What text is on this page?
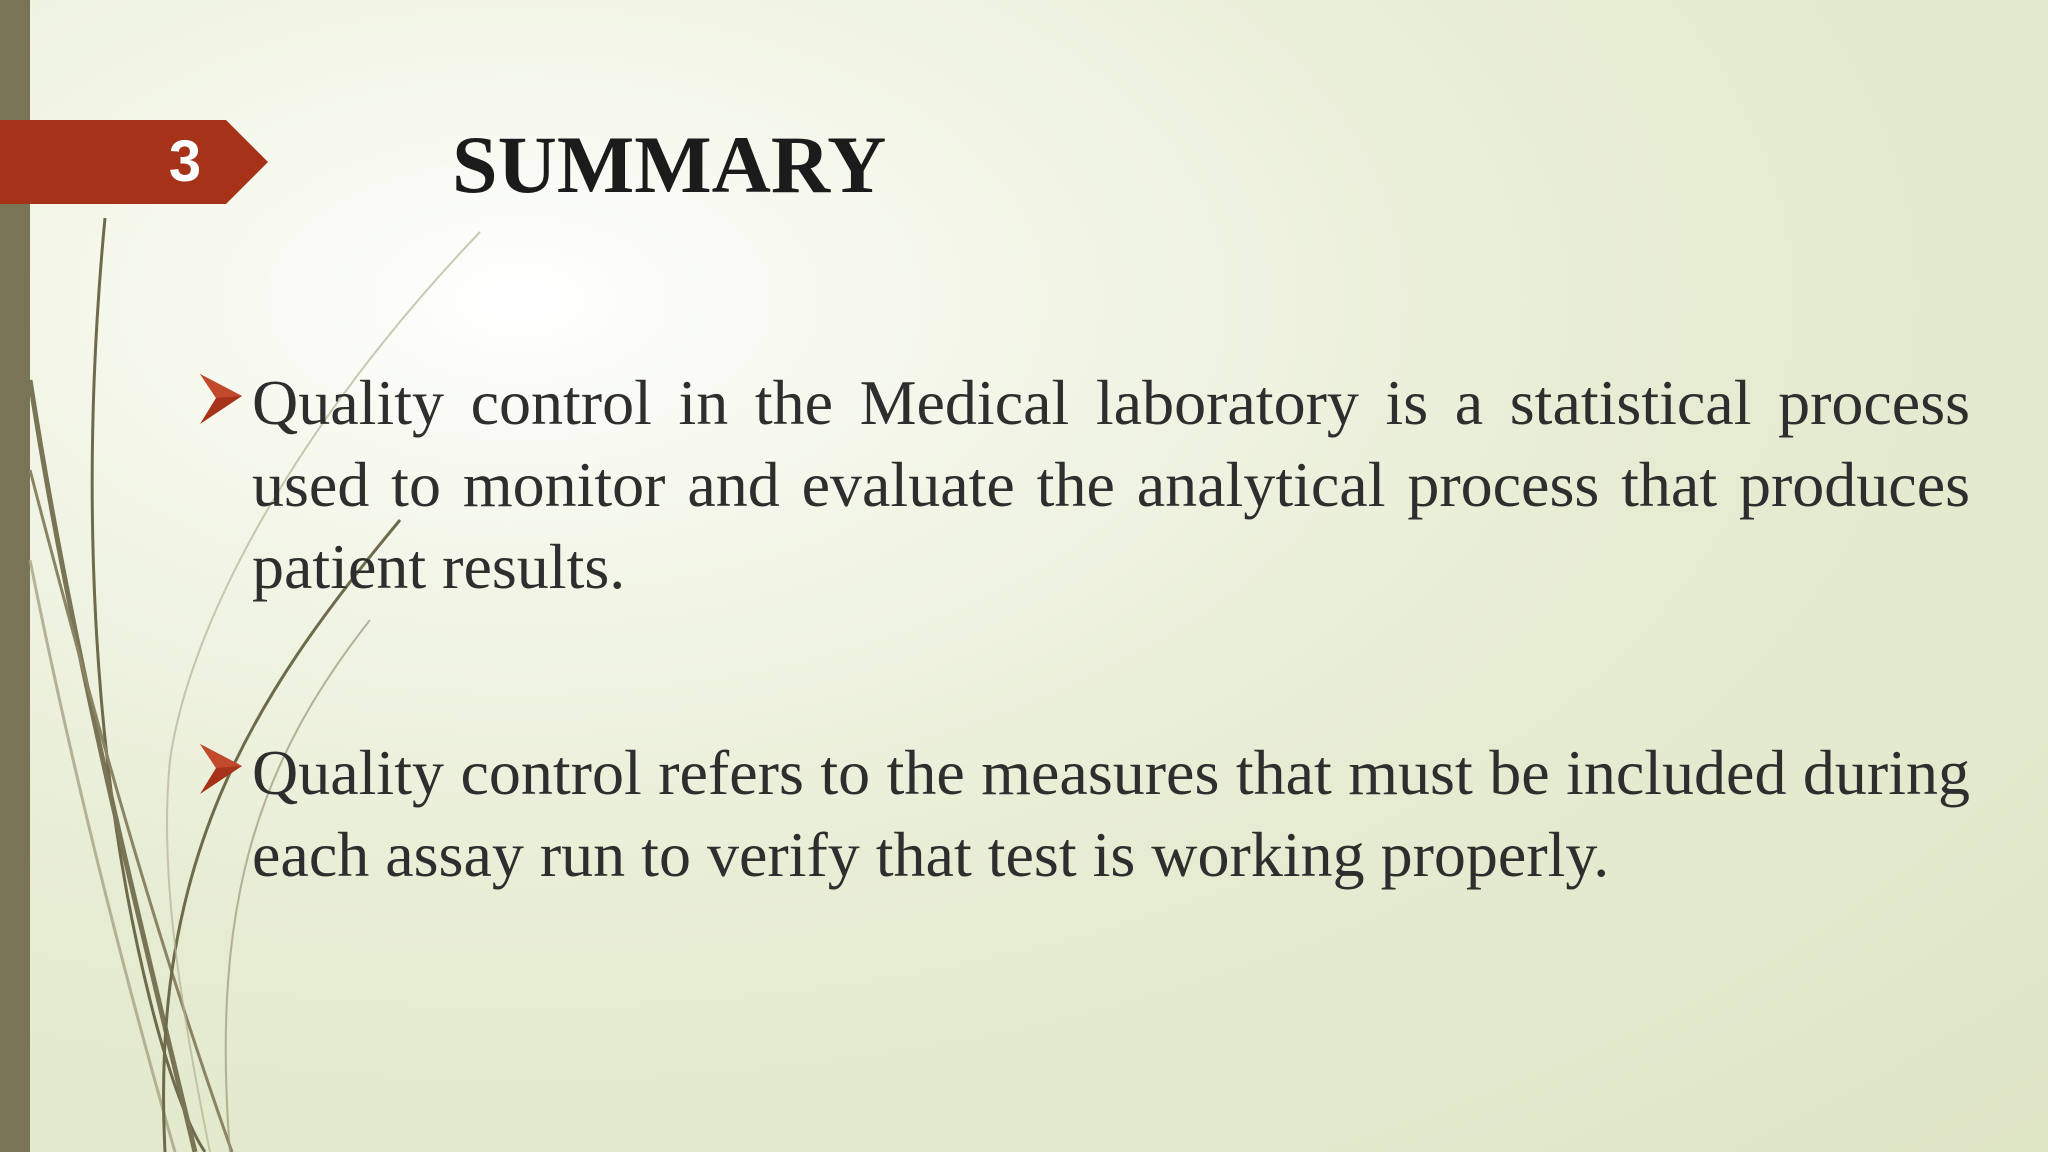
3	SUMMARY
Quality control in the Medical laboratory is a statistical process used to monitor and evaluate the analytical process that produces patient results.
Quality control refers to the measures that must be included during each assay run to verify that test is working properly.
